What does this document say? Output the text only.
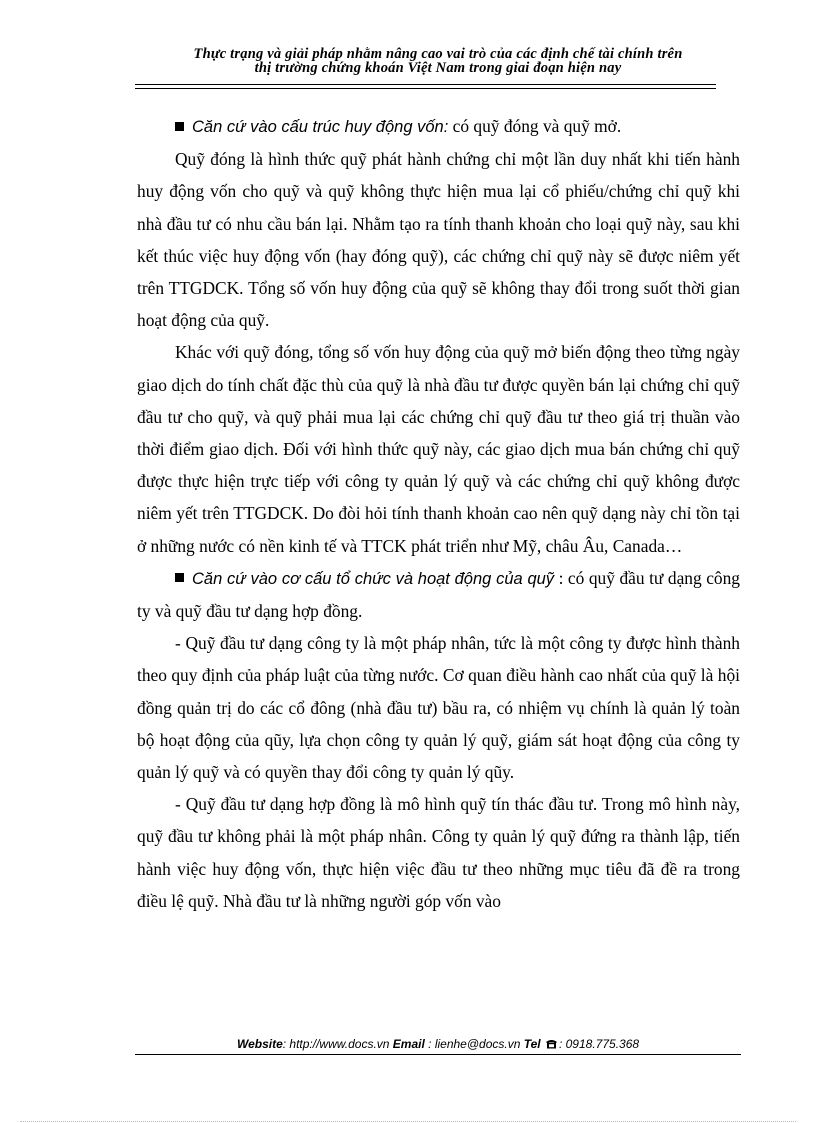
Thực trạng và giải pháp nhằm nâng cao vai trò của các định chế tài chính trên
thị trường chứng khoán Việt Nam trong giai đoạn hiện nay

Căn cứ vào cấu trúc huy động vốn: có quỹ đóng và quỹ mở.

Quỹ đóng là hình thức quỹ phát hành chứng chỉ một lần duy nhất khi tiến hành huy động vốn cho quỹ và quỹ không thực hiện mua lại cổ phiếu/chứng chỉ quỹ khi nhà đầu tư có nhu cầu bán lại. Nhằm tạo ra tính thanh khoản cho loại quỹ này, sau khi kết thúc việc huy động vốn (hay đóng quỹ), các chứng chỉ quỹ này sẽ được niêm yết trên TTGDCK. Tổng số vốn huy động của quỹ sẽ không thay đổi trong suốt thời gian hoạt động của quỹ.

Khác với quỹ đóng, tổng số vốn huy động của quỹ mở biến động theo từng ngày giao dịch do tính chất đặc thù của quỹ là nhà đầu tư được quyền bán lại chứng chỉ quỹ đầu tư cho quỹ, và quỹ phải mua lại các chứng chỉ quỹ đầu tư theo giá trị thuần vào thời điểm giao dịch. Đối với hình thức quỹ này, các giao dịch mua bán chứng chỉ quỹ được thực hiện trực tiếp với công ty quản lý quỹ và các chứng chỉ quỹ không được niêm yết trên TTGDCK. Do đòi hỏi tính thanh khoản cao nên quỹ dạng này chỉ tồn tại ở những nước có nền kinh tế và TTCK phát triển như Mỹ, châu Âu, Canada…

Căn cứ vào cơ cấu tổ chức và hoạt động của quỹ : có quỹ đầu tư dạng công ty và quỹ đầu tư dạng hợp đồng.

- Quỹ đầu tư dạng công ty là một pháp nhân, tức là một công ty được hình thành theo quy định của pháp luật của từng nước. Cơ quan điều hành cao nhất của quỹ là hội đồng quản trị do các cổ đông (nhà đầu tư) bầu ra, có nhiệm vụ chính là quản lý toàn bộ hoạt động của qũy, lựa chọn công ty quản lý quỹ, giám sát hoạt động của công ty quản lý quỹ và có quyền thay đổi công ty quản lý qũy.

- Quỹ đầu tư dạng hợp đồng là mô hình quỹ tín thác đầu tư. Trong mô hình này, quỹ đầu tư không phải là một pháp nhân. Công ty quản lý quỹ đứng ra thành lập, tiến hành việc huy động vốn, thực hiện việc đầu tư theo những mục tiêu đã đề ra trong điều lệ quỹ. Nhà đầu tư là những người góp vốn vào

Website: http://www.docs.vn Email : lienhe@docs.vn Tel : 0918.775.368
